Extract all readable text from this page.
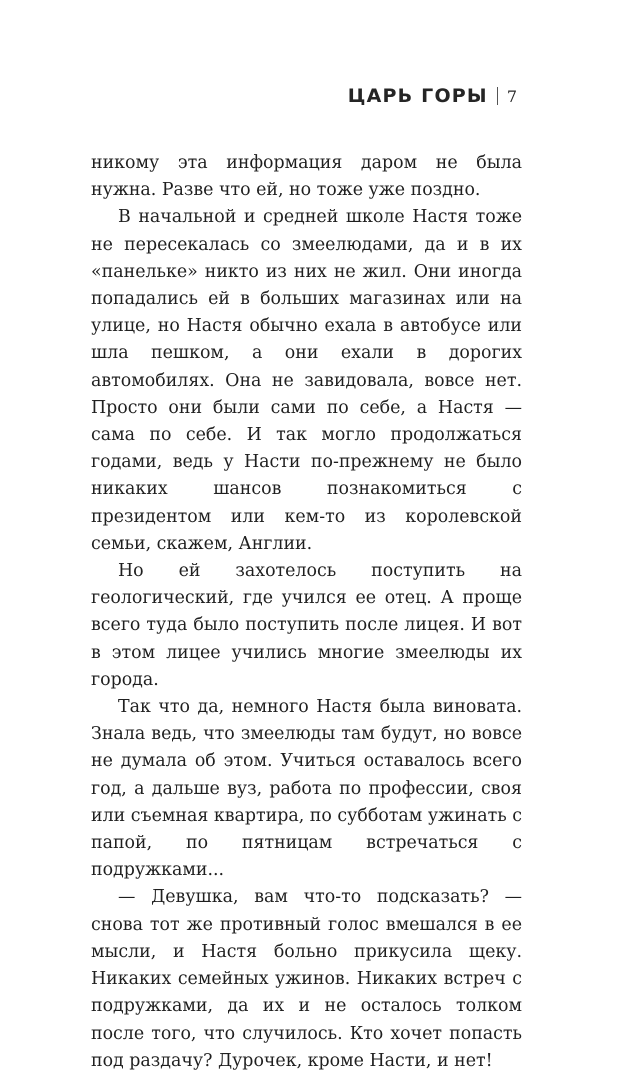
ЦАРЬ ГОРЫ 7

никому эта информация даром не была нужна. Разве что ей, но тоже уже поздно.

В начальной и средней школе Настя тоже не пересекалась со змеелюдами, да и в их «панельке» никто из них не жил. Они иногда попадались ей в больших магазинах или на улице, но Настя обычно ехала в автобусе или шла пешком, а они ехали в дорогих автомобилях. Она не завидовала, вовсе нет. Просто они были сами по себе, а Настя — сама по себе. И так могло продолжаться годами, ведь у Насти по-прежнему не было никаких шансов познакомиться с президентом или кем-то из королевской семьи, скажем, Англии.

Но ей захотелось поступить на геологический, где учился ее отец. А проще всего туда было поступить после лицея. И вот в этом лицее учились многие змеелюды их города.

Так что да, немного Настя была виновата. Знала ведь, что змеелюды там будут, но вовсе не думала об этом. Учиться оставалось всего год, а дальше вуз, работа по профессии, своя или съемная квартира, по субботам ужинать с папой, по пятницам встречаться с подружками...

— Девушка, вам что-то подсказать? — снова тот же противный голос вмешался в ее мысли, и Настя больно прикусила щеку. Никаких семейных ужинов. Никаких встреч с подружками, да их и не осталось толком после того, что случилось. Кто хочет попасть под раздачу? Дурочек, кроме Насти, и нет!
